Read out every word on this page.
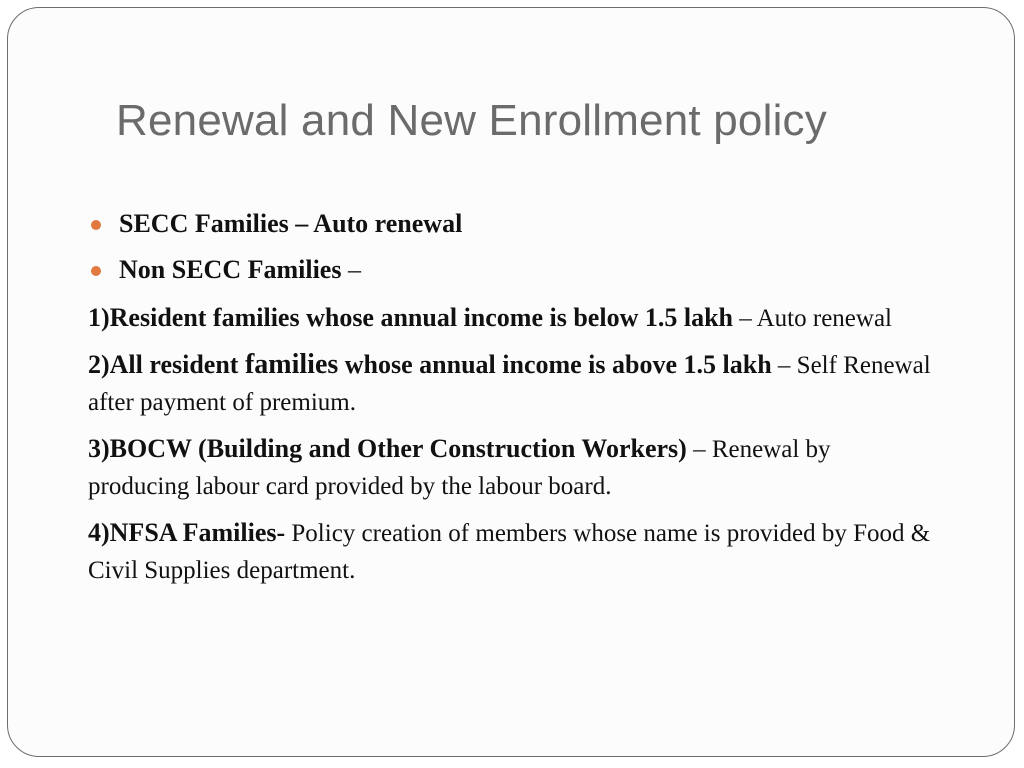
Renewal and New Enrollment policy
SECC Families – Auto renewal
Non SECC Families –
1)Resident families whose annual income is below 1.5 lakh – Auto renewal
2)All resident families whose annual income is above 1.5 lakh – Self Renewal after payment of premium.
3)BOCW (Building and Other Construction Workers) – Renewal by producing labour card provided by the labour board.
4)NFSA Families- Policy creation of members whose name is provided by Food & Civil Supplies department.
